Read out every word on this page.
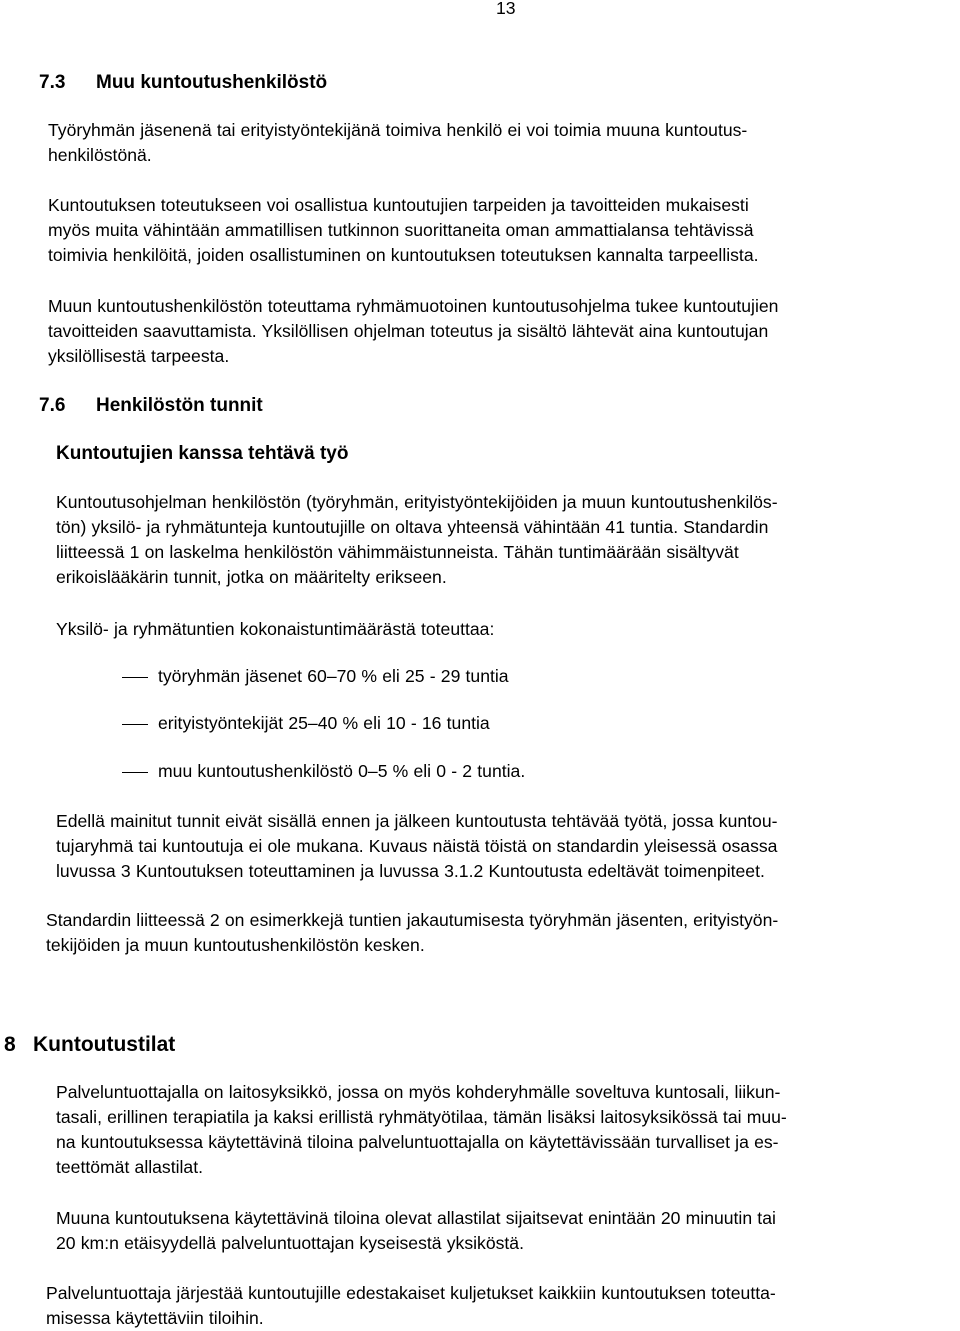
13
7.3 Muu kuntoutushenkilöstö
Työryhmän jäsenenä tai erityistyöntekijänä toimiva henkilö ei voi toimia muuna kuntoutus-
henkilöstönä.
Kuntoutuksen toteutukseen voi osallistua kuntoutujien tarpeiden ja tavoitteiden mukaisesti
myös muita vähintään ammatillisen tutkinnon suorittaneita oman ammattialansa tehtävissä
toimivia henkilöitä, joiden osallistuminen on kuntoutuksen toteutuksen kannalta tarpeellista.
Muun kuntoutushenkilöstön toteuttama ryhmämuotoinen kuntoutusohjelma tukee kuntoutujien
tavoitteiden saavuttamista. Yksilöllisen ohjelman toteutus ja sisältö lähtevät aina kuntoutujan
yksilöllisestä tarpeesta.
7.6 Henkilöstön tunnit
Kuntoutujien kanssa tehtävä työ
Kuntoutusohjelman henkilöstön (työryhmän, erityistyöntekijöiden ja muun kuntoutushenkilös-
tön) yksilö- ja ryhmätunteja kuntoutujille on oltava yhteensä vähintään 41 tuntia. Standardin
liitteessä 1 on laskelma henkilöstön vähimmäistunneista. Tähän tuntimäärään sisältyvät
erikoislääkärin tunnit, jotka on määritelty erikseen.
Yksilö- ja ryhmätuntien kokonaistuntimäärästä toteuttaa:
työryhmän jäsenet 60–70 % eli 25 - 29 tuntia
erityistyöntekijät 25–40 % eli 10 - 16 tuntia
muu kuntoutushenkilöstö 0–5 % eli 0 - 2 tuntia.
Edellä mainitut tunnit eivät sisällä ennen ja jälkeen kuntoutusta tehtävää työtä, jossa kuntou-
tujaryhmä tai kuntoutuja ei ole mukana. Kuvaus näistä töistä on standardin yleisessä osassa
luvussa 3 Kuntoutuksen toteuttaminen ja luvussa 3.1.2 Kuntoutusta edeltävät toimenpiteet.
Standardin liitteessä 2 on esimerkkejä tuntien jakautumisesta työryhmän jäsenten, erityistyön-
tekijöiden ja muun kuntoutushenkilöstön kesken.
8 Kuntoutustilat
Palveluntuottajalla on laitosyksikkö, jossa on myös kohderyhmälle soveltuva kuntosali, liikun-
tasali, erillinen terapiatila ja kaksi erillistä ryhmätyötilaa, tämän lisäksi laitosyksikössä tai muu-
na kuntoutuksessa käytettävinä tiloina palveluntuottajalla on käytettävissään turvalliset ja es-
teettömät allastilat.
Muuna kuntoutuksena käytettävinä tiloina olevat allastilat sijaitsevat enintään 20 minuutin tai
20 km:n etäisyydellä palveluntuottajan kyseisestä yksiköstä.
Palveluntuottaja järjestää kuntoutujille edestakaiset kuljetukset kaikkiin kuntoutuksen toteutta-
misessa käytettäviin tiloihin.
